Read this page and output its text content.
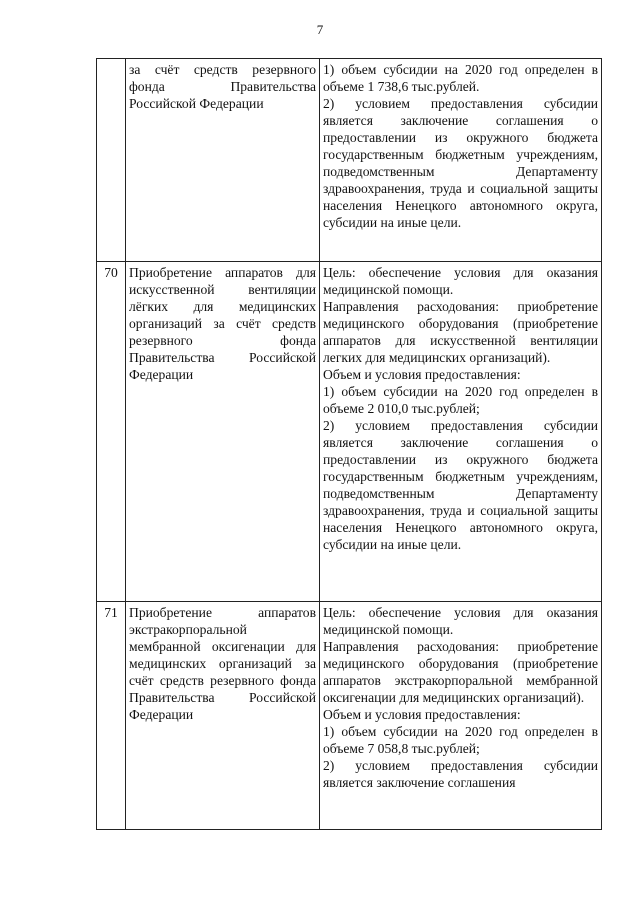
7

	за счёт средств резервного фонда Правительства Российской Федерации	1) объем субсидии на 2020 год определен в объеме 1 738,6 тыс.рублей.
2) условием предоставления субсидии является заключение соглашения о предоставлении из окружного бюджета государственным бюджетным учреждениям, подведомственным Департаменту здравоохранения, труда и социальной защиты населения Ненецкого автономного округа, субсидии на иные цели.

70	Приобретение аппаратов для искусственной вентиляции лёгких для медицинских организаций за счёт средств резервного фонда Правительства Российской Федерации	Цель: обеспечение условия для оказания медицинской помощи.
Направления расходования: приобретение медицинского оборудования (приобретение аппаратов для искусственной вентиляции легких для медицинских организаций).
Объем и условия предоставления:
1) объем субсидии на 2020 год определен в объеме 2 010,0 тыс.рублей;
2) условием предоставления субсидии является заключение соглашения о предоставлении из окружного бюджета государственным бюджетным учреждениям, подведомственным Департаменту здравоохранения, труда и социальной защиты населения Ненецкого автономного округа, субсидии на иные цели.

71	Приобретение аппаратов экстракорпоральной мембранной оксигенации для медицинских организаций за счёт средств резервного фонда Правительства Российской Федерации	Цель: обеспечение условия для оказания медицинской помощи.
Направления расходования: приобретение медицинского оборудования (приобретение аппаратов экстракорпоральной мембранной оксигенации для медицинских организаций).
Объем и условия предоставления:
1) объем субсидии на 2020 год определен в объеме 7 058,8 тыс.рублей;
2) условием предоставления субсидии является заключение соглашения
